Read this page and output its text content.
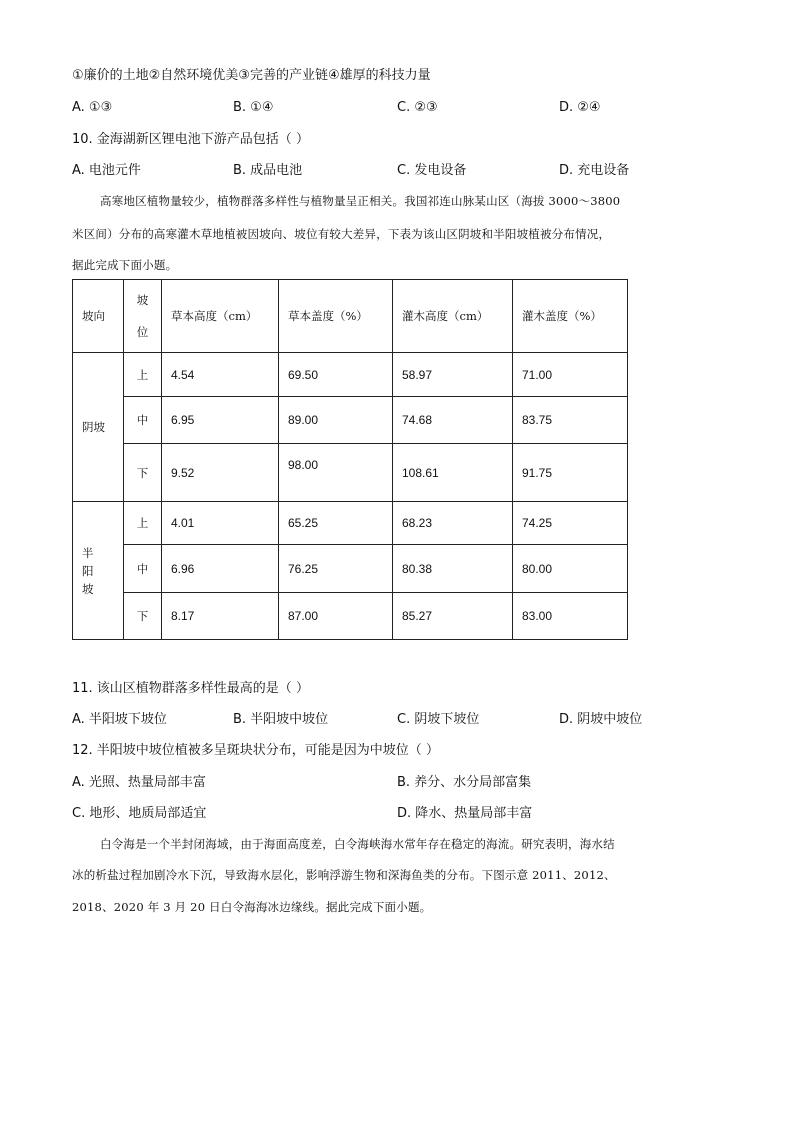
①廉价的土地②自然环境优美③完善的产业链④雄厚的科技力量
A. ①③	B. ①④	C. ②③	D. ②④
10. 金海湖新区锂电池下游产品包括（ ）
A. 电池元件	B. 成品电池	C. 发电设备	D. 充电设备
高寒地区植物量较少，植物群落多样性与植物量呈正相关。我国祁连山脉某山区（海拔 3000～3800
米区间）分布的高寒灌木草地植被因坡向、坡位有较大差异，下表为该山区阴坡和半阳坡植被分布情况，
据此完成下面小题。
坡向	坡
位	草本高度（cm）	草本盖度（%）	灌木高度（cm）	灌木盖度（%）
阴坡	上	4.54	69.50	58.97	71.00
	中	6.95	89.00	74.68	83.75
	下	9.52	98.00	108.61	91.75

半
阳
坡	上	4.01	65.25	68.23	74.25
	中	6.96	76.25	80.38	80.00
	下	8.17	87.00	85.27	83.00
11. 该山区植物群落多样性最高的是（ ）
A. 半阳坡下坡位	B. 半阳坡中坡位	C. 阴坡下坡位	D. 阴坡中坡位
12. 半阳坡中坡位植被多呈斑块状分布，可能是因为中坡位（ ）
A. 光照、热量局部丰富	B. 养分、水分局部富集
C. 地形、地质局部适宜	D. 降水、热量局部丰富
白令海是一个半封闭海域，由于海面高度差，白令海峡海水常年存在稳定的海流。研究表明，海水结
冰的析盐过程加剧冷水下沉，导致海水层化，影响浮游生物和深海鱼类的分布。下图示意 2011、2012、
2018、2020 年 3 月 20 日白令海海冰边缘线。据此完成下面小题。
